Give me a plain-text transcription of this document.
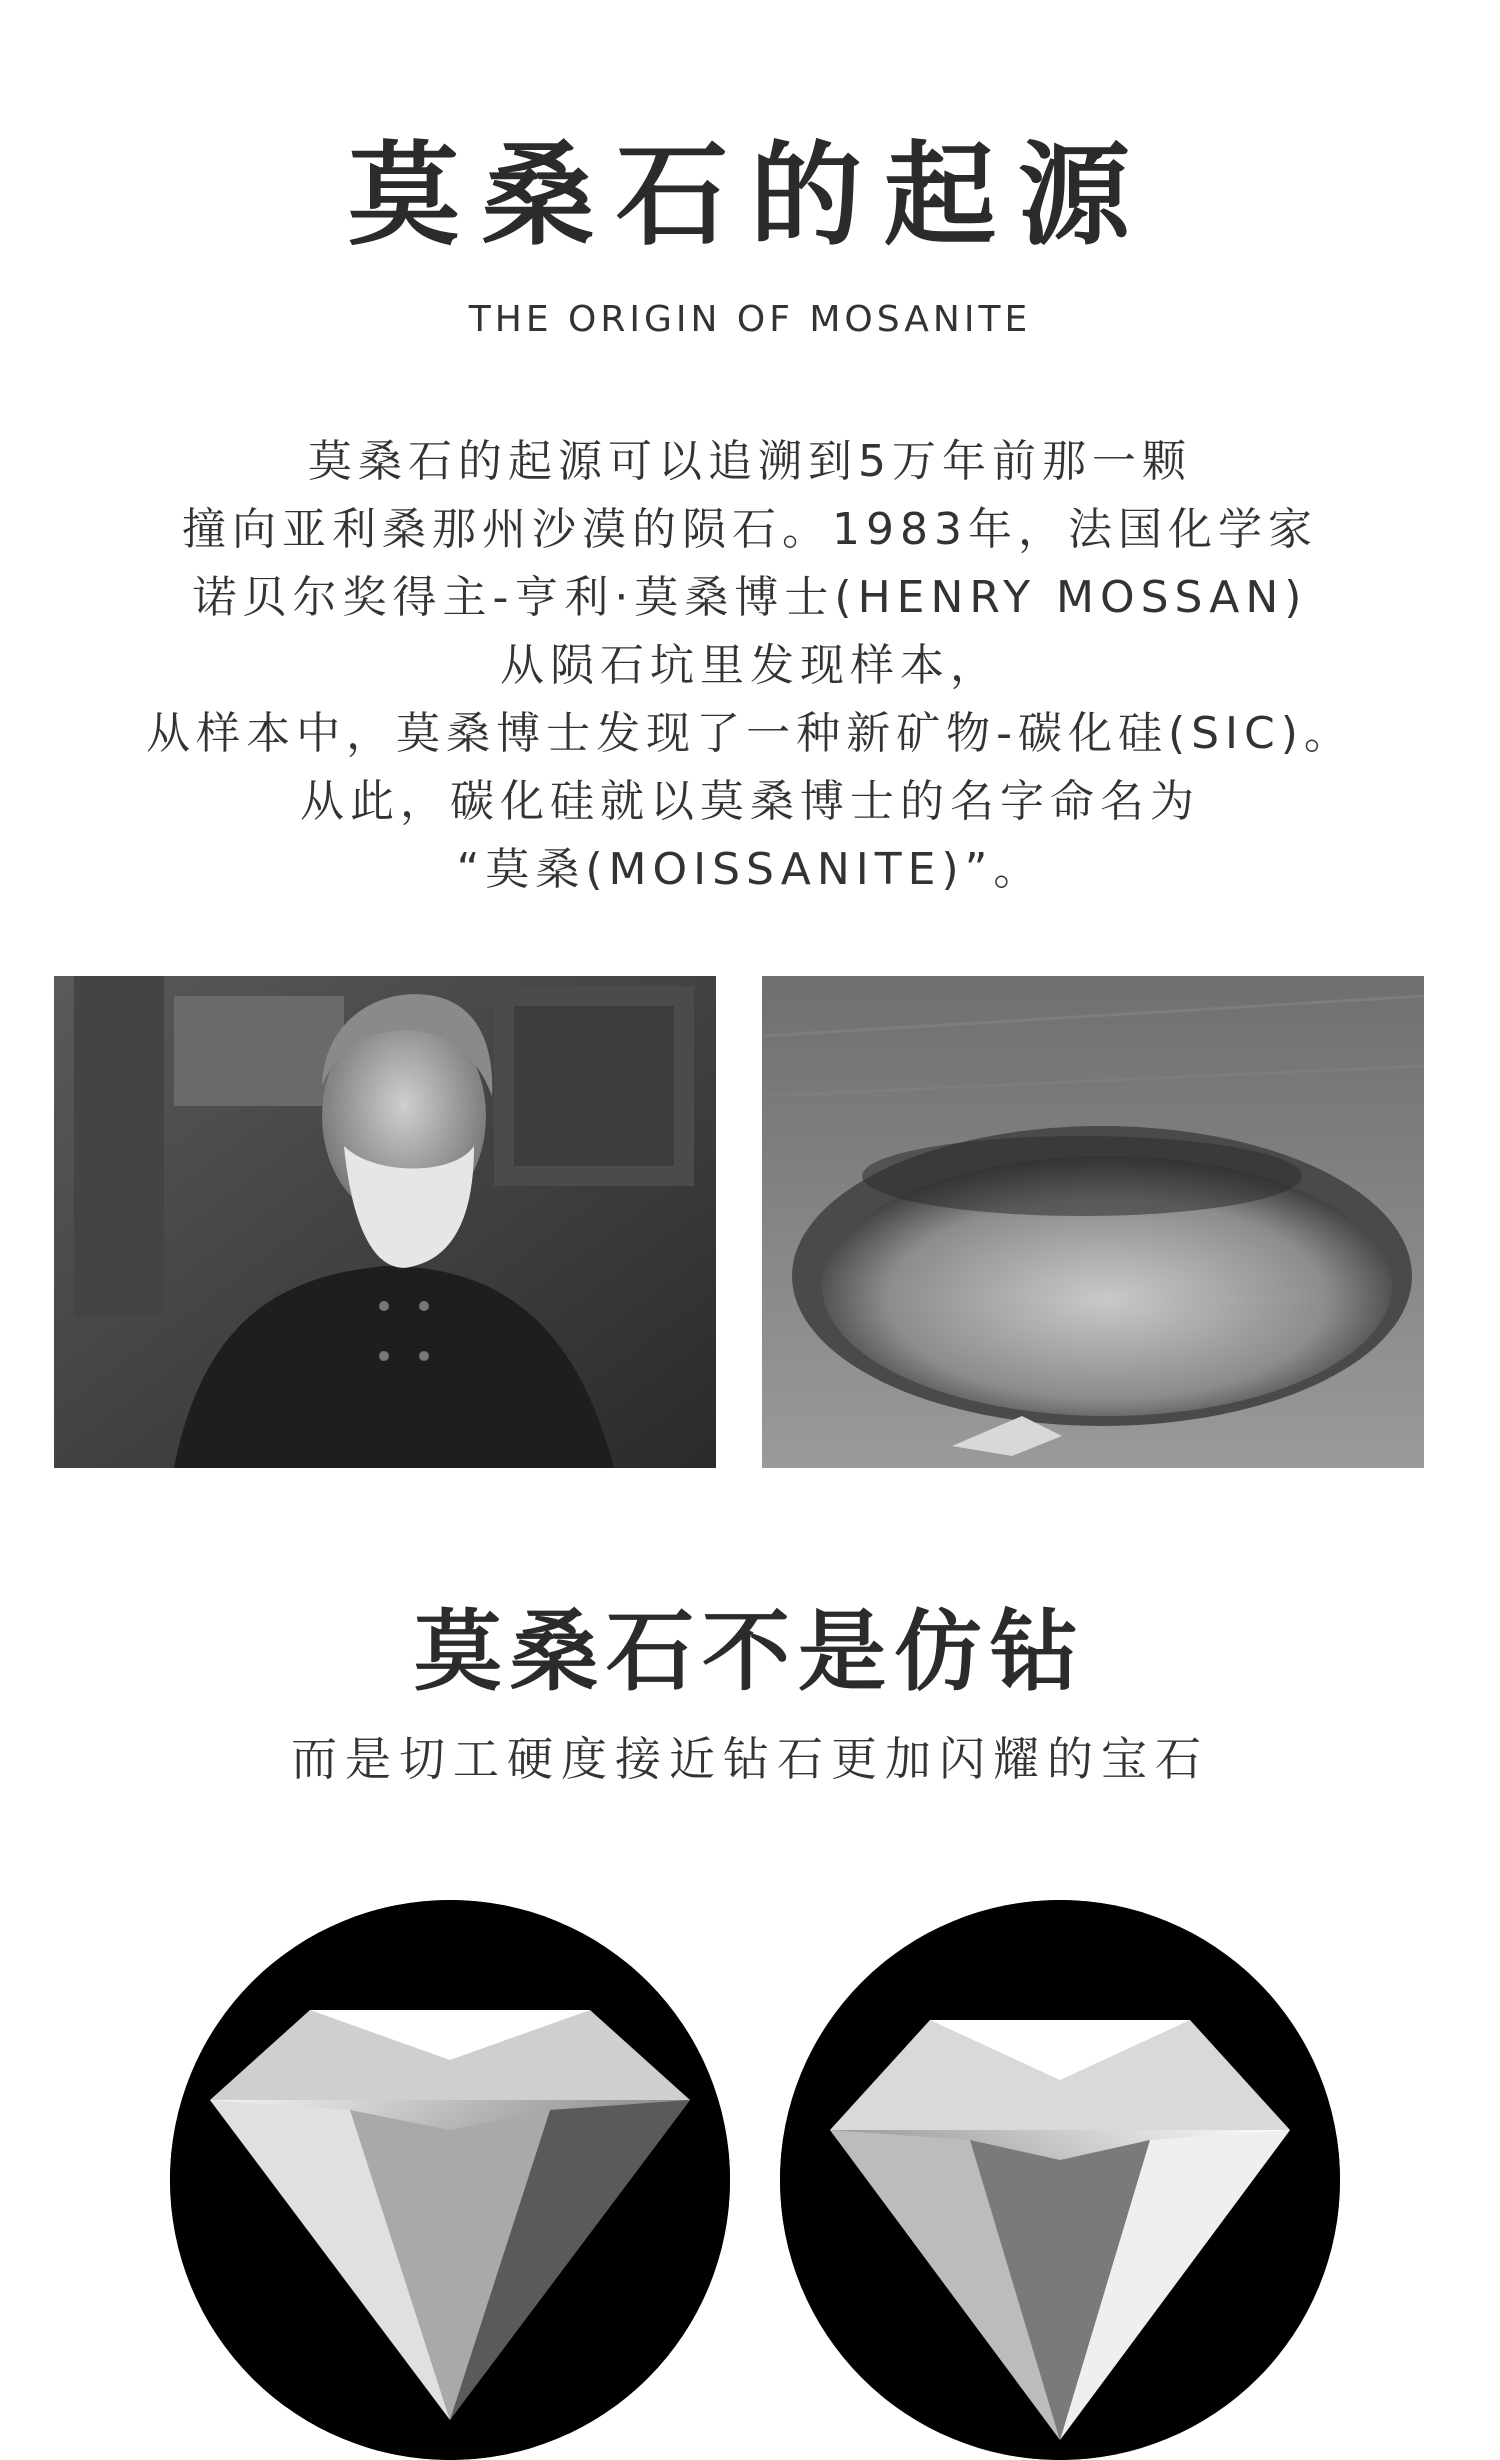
莫桑石的起源
THE ORIGIN OF MOSANITE

莫桑石的起源可以追溯到5万年前那一颗

撞向亚利桑那州沙漠的陨石。1983年，法国化学家

诺贝尔奖得主-亨利·莫桑博士(HENRY MOSSAN)

从陨石坑里发现样本，

从样本中，莫桑博士发现了一种新矿物-碳化硅(SIC)。

从此，碳化硅就以莫桑博士的名字命名为

“莫桑(MOISSANITE)”。

莫桑石不是仿钻
而是切工硬度接近钻石更加闪耀的宝石
